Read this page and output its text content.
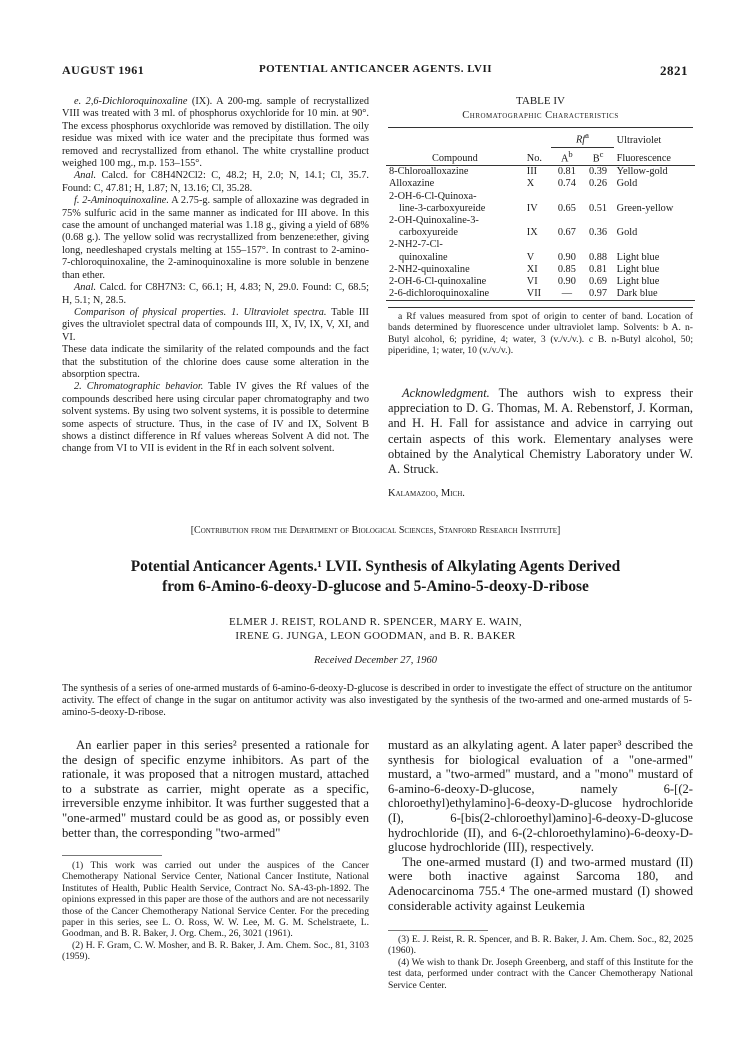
AUGUST 1961	POTENTIAL ANTICANCER AGENTS. LVII	2821

e. 2,6-Dichloroquinoxaline (IX). A 200-mg. sample of recrystallized VIII was treated with 3 ml. of phosphorus oxychloride for 10 min. at 90°. The excess phosphorus oxychloride was removed by distillation. The oily residue was mixed with ice water and the precipitate thus formed was removed and recrystallized from ethanol. The white crystalline product weighed 100 mg., m.p. 153–155°.

Anal. Calcd. for C8H4N2Cl2: C, 48.2; H, 2.0; N, 14.1; Cl, 35.7. Found: C, 47.81; H, 1.87; N, 13.16; Cl, 35.28.

f. 2-Aminoquinoxaline. A 2.75-g. sample of alloxazine was degraded in 75% sulfuric acid in the same manner as indicated for III above. In this case the amount of unchanged material was 1.18 g., giving a yield of 68% (0.68 g.). The yellow solid was recrystallized from benzene:ether, giving long, needleshaped crystals melting at 155–157°. In contrast to 2-amino-7-chloroquinoxaline, the 2-aminoquinoxaline is more soluble in benzene than ether.

Anal. Calcd. for C8H7N3: C, 66.1; H, 4.83; N, 29.0. Found: C, 68.5; H, 5.1; N, 28.5.

Comparison of physical properties. 1. Ultraviolet spectra. Table III gives the ultraviolet spectral data of compounds III, X, IV, IX, V, XI, and VI.

These data indicate the similarity of the related compounds and the fact that the substitution of the chlorine does cause some alteration in the absorption spectra.

2. Chromatographic behavior. Table IV gives the Rf values of the compounds described here using circular paper chromatography and two solvent systems. By using two solvent systems, it is possible to determine some aspects of structure. Thus, in the case of IV and IX, Solvent B shows a distinct difference in Rf values whereas Solvent A did not. The change from VI to VII is evident in the Rf in each solvent solvent.

TABLE IV
Chromatographic Characteristics
		Rf$^a$		Ultraviolet
Compound	No.	$A^b$	$B^c$	Fluorescence

8-Chloroalloxazine	III	0.81	0.39	Yellow-gold

Alloxazine	X	0.74	0.26	Gold

2-OH-6-Cl-Quinoxa-
line-3-carboxyureide	IV	0.65	0.51	Green-yellow

2-OH-Quinoxaline-3-
carboxyureide	IX	0.67	0.36	Gold

2-NH2-7-Cl-
quinoxaline	V	0.90	0.88	Light blue

2-NH2-quinoxaline	XI	0.85	0.81	Light blue

2-OH-6-Cl-quinoxaline	VI	0.90	0.69	Light blue

2-6-dichloroquinoxaline	VII	—	0.97	Dark blue

a Rf values measured from spot of origin to center of band. Location of bands determined by fluorescence under ultraviolet lamp. Solvents: b A. n-Butyl alcohol, 6; pyridine, 4; water, 3 (v./v./v.). c B. n-Butyl alcohol, 50; piperidine, 1; water, 10 (v./v./v.).

Acknowledgment. The authors wish to express their appreciation to D. G. Thomas, M. A. Rebenstorf, J. Korman, and H. H. Fall for assistance and advice in carrying out certain aspects of this work. Elementary analyses were obtained by the Analytical Chemistry Laboratory under W. A. Struck.

Kalamazoo, Mich.
[Contribution from the Department of Biological Sciences, Stanford Research Institute]
Potential Anticancer Agents.¹ LVII. Synthesis of Alkylating Agents Derived
from 6-Amino-6-deoxy-D-glucose and 5-Amino-5-deoxy-D-ribose
ELMER J. REIST, ROLAND R. SPENCER, MARY E. WAIN,
IRENE G. JUNGA, LEON GOODMAN, and B. R. BAKER
Received December 27, 1960
The synthesis of a series of one-armed mustards of 6-amino-6-deoxy-D-glucose is described in order to investigate the effect of structure on the antitumor activity. The effect of change in the sugar on antitumor activity was also investigated by the synthesis of the two-armed and one-armed mustards of 5-amino-5-deoxy-D-ribose.

An earlier paper in this series² presented a rationale for the design of specific enzyme inhibitors. As part of the rationale, it was proposed that a nitrogen mustard, attached to a substrate as carrier, might operate as a specific, irreversible enzyme inhibitor. It was further suggested that a "one-armed" mustard could be as good as, or possibly even better than, the corresponding "two-armed"

(1) This work was carried out under the auspices of the Cancer Chemotherapy National Service Center, National Cancer Institute, National Institutes of Health, Public Health Service, Contract No. SA-43-ph-1892. The opinions expressed in this paper are those of the authors and are not necessarily those of the Cancer Chemotherapy National Service Center. For the preceding paper in this series, see L. O. Ross, W. W. Lee, M. G. M. Schelstraete, L. Goodman, and B. R. Baker, J. Org. Chem., 26, 3021 (1961).

(2) H. F. Gram, C. W. Mosher, and B. R. Baker, J. Am. Chem. Soc., 81, 3103 (1959).

mustard as an alkylating agent. A later paper³ described the synthesis for biological evaluation of a "one-armed" mustard, a "two-armed" mustard, and a "mono" mustard of 6-amino-6-deoxy-D-glucose, namely 6-[(2-chloroethyl)ethylamino]-6-deoxy-D-glucose hydrochloride (I), 6-[bis(2-chloroethyl)amino]-6-deoxy-D-glucose hydrochloride (II), and 6-(2-chloroethylamino)-6-deoxy-D-glucose hydrochloride (III), respectively.

The one-armed mustard (I) and two-armed mustard (II) were both inactive against Sarcoma 180, and Adenocarcinoma 755.⁴ The one-armed mustard (I) showed considerable activity against Leukemia

(3) E. J. Reist, R. R. Spencer, and B. R. Baker, J. Am. Chem. Soc., 82, 2025 (1960).

(4) We wish to thank Dr. Joseph Greenberg, and staff of this Institute for the test data, performed under contract with the Cancer Chemotherapy National Service Center.
